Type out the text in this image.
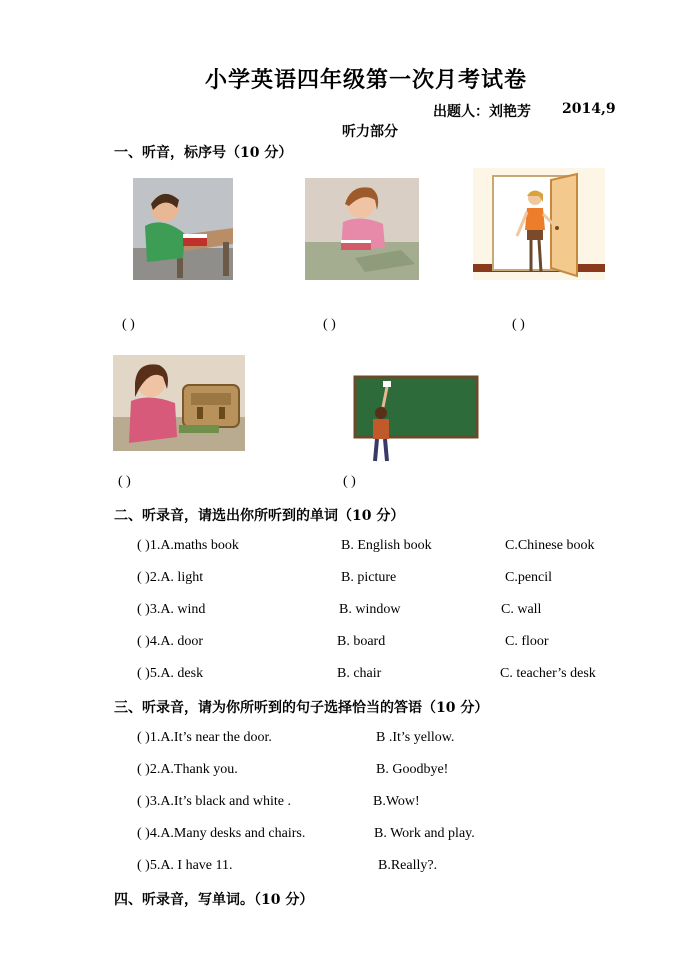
小学英语四年级第一次月考试卷
出题人：刘艳芳 2014,9
听力部分
一、听音，标序号（10 分）
( )	( )	( )
( )	( )
二、听录音，请选出你所听到的单词（10 分）
( )1.A.maths book	B. English book	C.Chinese book
( )2.A. light	B. picture	C.pencil
( )3.A. wind	B. window	C. wall
( )4.A. door	B. board	C. floor
( )5.A. desk	B. chair	C. teacher’s desk
三、听录音，请为你所听到的句子选择恰当的答语（10 分）
( )1.A.It’s near the door.	B .It’s yellow.
( )2.A.Thank you.	B. Goodbye!
( )3.A.It’s black and white .	B.Wow!
( )4.A.Many desks and chairs.	B. Work and play.
( )5.A. I have 11.	B.Really?.
四、听录音，写单词。（10 分）
